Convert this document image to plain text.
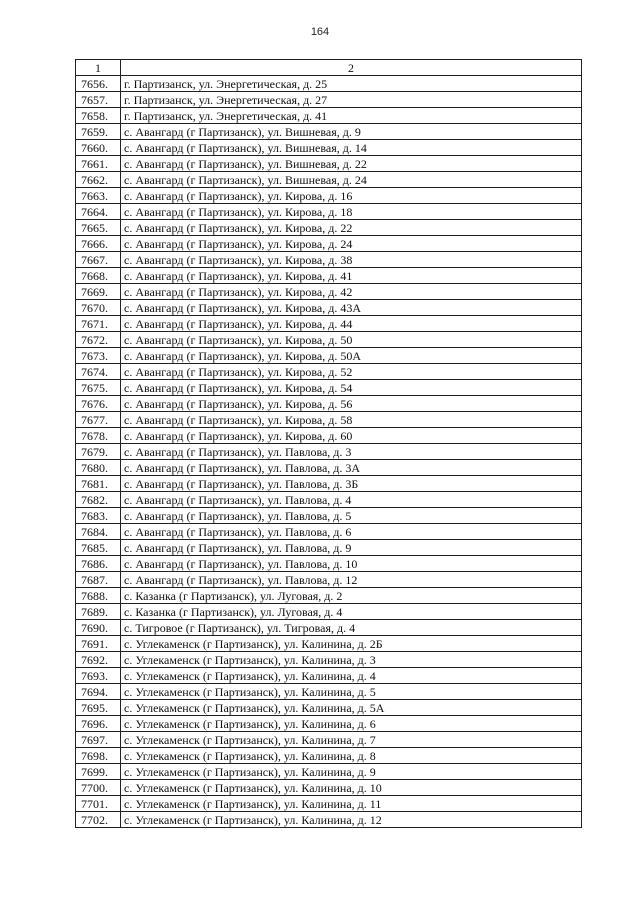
164
1	2
7656.	г. Партизанск, ул. Энергетическая, д. 25
7657.	г. Партизанск, ул. Энергетическая, д. 27
7658.	г. Партизанск, ул. Энергетическая, д. 41
7659.	с. Авангард (г Партизанск), ул. Вишневая, д. 9
7660.	с. Авангард (г Партизанск), ул. Вишневая, д. 14
7661.	с. Авангард (г Партизанск), ул. Вишневая, д. 22
7662.	с. Авангард (г Партизанск), ул. Вишневая, д. 24
7663.	с. Авангард (г Партизанск), ул. Кирова, д. 16
7664.	с. Авангард (г Партизанск), ул. Кирова, д. 18
7665.	с. Авангард (г Партизанск), ул. Кирова, д. 22
7666.	с. Авангард (г Партизанск), ул. Кирова, д. 24
7667.	с. Авангард (г Партизанск), ул. Кирова, д. 38
7668.	с. Авангард (г Партизанск), ул. Кирова, д. 41
7669.	с. Авангард (г Партизанск), ул. Кирова, д. 42
7670.	с. Авангард (г Партизанск), ул. Кирова, д. 43А
7671.	с. Авангард (г Партизанск), ул. Кирова, д. 44
7672.	с. Авангард (г Партизанск), ул. Кирова, д. 50
7673.	с. Авангард (г Партизанск), ул. Кирова, д. 50А
7674.	с. Авангард (г Партизанск), ул. Кирова, д. 52
7675.	с. Авангард (г Партизанск), ул. Кирова, д. 54
7676.	с. Авангард (г Партизанск), ул. Кирова, д. 56
7677.	с. Авангард (г Партизанск), ул. Кирова, д. 58
7678.	с. Авангард (г Партизанск), ул. Кирова, д. 60
7679.	с. Авангард (г Партизанск), ул. Павлова, д. 3
7680.	с. Авангард (г Партизанск), ул. Павлова, д. 3А
7681.	с. Авангард (г Партизанск), ул. Павлова, д. 3Б
7682.	с. Авангард (г Партизанск), ул. Павлова, д. 4
7683.	с. Авангард (г Партизанск), ул. Павлова, д. 5
7684.	с. Авангард (г Партизанск), ул. Павлова, д. 6
7685.	с. Авангард (г Партизанск), ул. Павлова, д. 9
7686.	с. Авангард (г Партизанск), ул. Павлова, д. 10
7687.	с. Авангард (г Партизанск), ул. Павлова, д. 12
7688.	с. Казанка (г Партизанск), ул. Луговая, д. 2
7689.	с. Казанка (г Партизанск), ул. Луговая, д. 4
7690.	с. Тигровое (г Партизанск), ул. Тигровая, д. 4
7691.	с. Углекаменск (г Партизанск), ул. Калинина, д. 2Б
7692.	с. Углекаменск (г Партизанск), ул. Калинина, д. 3
7693.	с. Углекаменск (г Партизанск), ул. Калинина, д. 4
7694.	с. Углекаменск (г Партизанск), ул. Калинина, д. 5
7695.	с. Углекаменск (г Партизанск), ул. Калинина, д. 5А
7696.	с. Углекаменск (г Партизанск), ул. Калинина, д. 6
7697.	с. Углекаменск (г Партизанск), ул. Калинина, д. 7
7698.	с. Углекаменск (г Партизанск), ул. Калинина, д. 8
7699.	с. Углекаменск (г Партизанск), ул. Калинина, д. 9
7700.	с. Углекаменск (г Партизанск), ул. Калинина, д. 10
7701.	с. Углекаменск (г Партизанск), ул. Калинина, д. 11
7702.	с. Углекаменск (г Партизанск), ул. Калинина, д. 12
